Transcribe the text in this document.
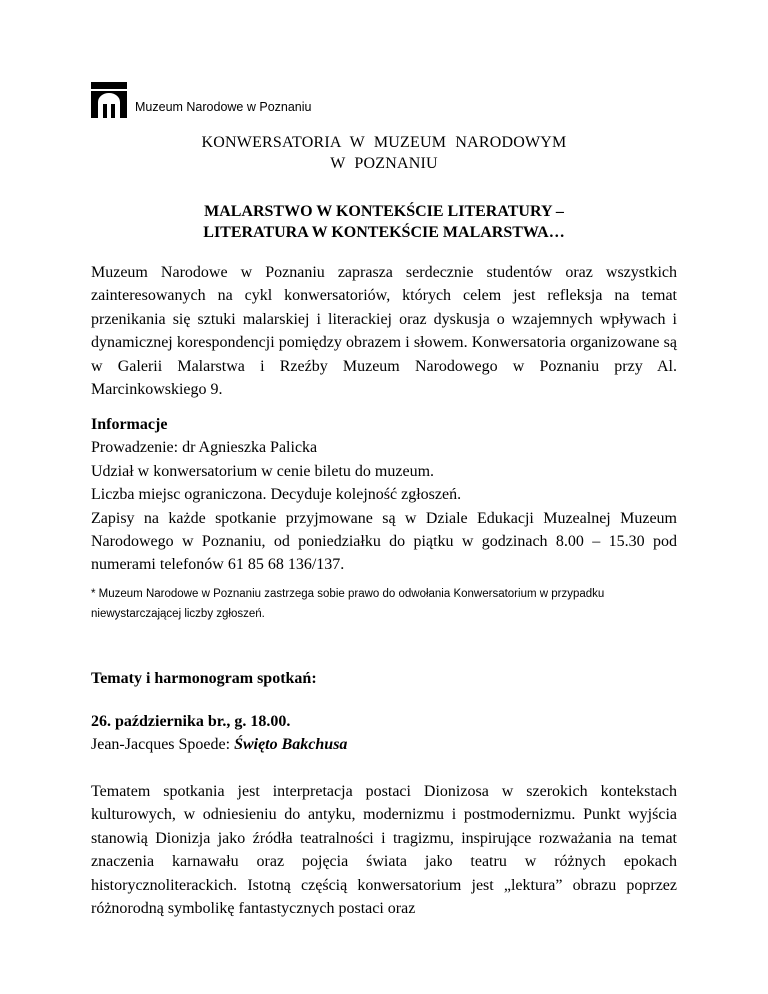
Muzeum Narodowe w Poznaniu
KONWERSATORIA W MUZEUM NARODOWYM
W POZNANIU
MALARSTWO W KONTEKŚCIE LITERATURY –
LITERATURA W KONTEKŚCIE MALARSTWA…

Muzeum Narodowe w Poznaniu zaprasza serdecznie studentów oraz wszystkich zainteresowanych na cykl konwersatoriów, których celem jest refleksja na temat przenikania się sztuki malarskiej i literackiej oraz dyskusja o wzajemnych wpływach i dynamicznej korespondencji pomiędzy obrazem i słowem. Konwersatoria organizowane są w Galerii Malarstwa i Rzeźby Muzeum Narodowego w Poznaniu przy Al. Marcinkowskiego 9.

Informacje
Prowadzenie: dr Agnieszka Palicka
Udział w konwersatorium w cenie biletu do muzeum.
Liczba miejsc ograniczona. Decyduje kolejność zgłoszeń.
Zapisy na każde spotkanie przyjmowane są w Dziale Edukacji Muzealnej Muzeum Narodowego w Poznaniu, od poniedziałku do piątku w godzinach 8.00 – 15.30 pod numerami telefonów 61 85 68 136/137.

* Muzeum Narodowe w Poznaniu zastrzega sobie prawo do odwołania Konwersatorium w przypadku niewystarczającej liczby zgłoszeń.

Tematy i harmonogram spotkań:
26. października br., g. 18.00.
Jean-Jacques Spoede: Święto Bakchusa

Tematem spotkania jest interpretacja postaci Dionizosa w szerokich kontekstach kulturowych, w odniesieniu do antyku, modernizmu i postmodernizmu. Punkt wyjścia stanowią Dionizja jako źródła teatralności i tragizmu, inspirujące rozważania na temat znaczenia karnawału oraz pojęcia świata jako teatru w różnych epokach historycznoliterackich. Istotną częścią konwersatorium jest „lektura” obrazu poprzez różnorodną symbolikę fantastycznych postaci oraz
